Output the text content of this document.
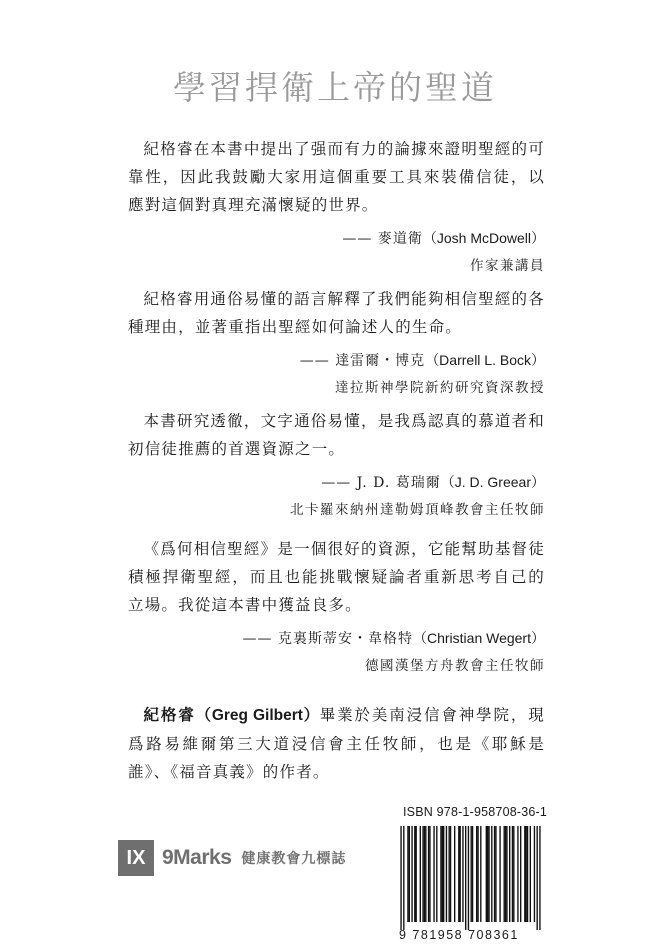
學習捍衛上帝的聖道

紀格睿在本書中提出了强而有力的論據來證明聖經的可靠性，因此我鼓勵大家用這個重要工具來裝備信徒，以應對這個對真理充滿懷疑的世界。

—— 麥道衛（Josh McDowell）
作家兼講員

紀格睿用通俗易懂的語言解釋了我們能夠相信聖經的各種理由，並著重指出聖經如何論述人的生命。

—— 達雷爾・博克（Darrell L. Bock）
達拉斯神學院新約研究資深教授

本書研究透徹，文字通俗易懂，是我爲認真的慕道者和初信徒推薦的首選資源之一。

—— J. D. 葛瑞爾（J. D. Greear）
北卡羅來納州達勒姆頂峰教會主任牧師

《爲何相信聖經》是一個很好的資源，它能幫助基督徒積極捍衛聖經，而且也能挑戰懷疑論者重新思考自己的立場。我從這本書中獲益良多。

—— 克裏斯蒂安・韋格特（Christian Wegert）
德國漢堡方舟教會主任牧師

紀格睿（Greg Gilbert）畢業於美南浸信會神學院，現爲路易維爾第三大道浸信會主任牧師，也是《耶穌是誰》、《福音真義》的作者。

IX 9Marks 健康教會九標誌
ISBN 978-1-958708-36-1
9 781958 708361
